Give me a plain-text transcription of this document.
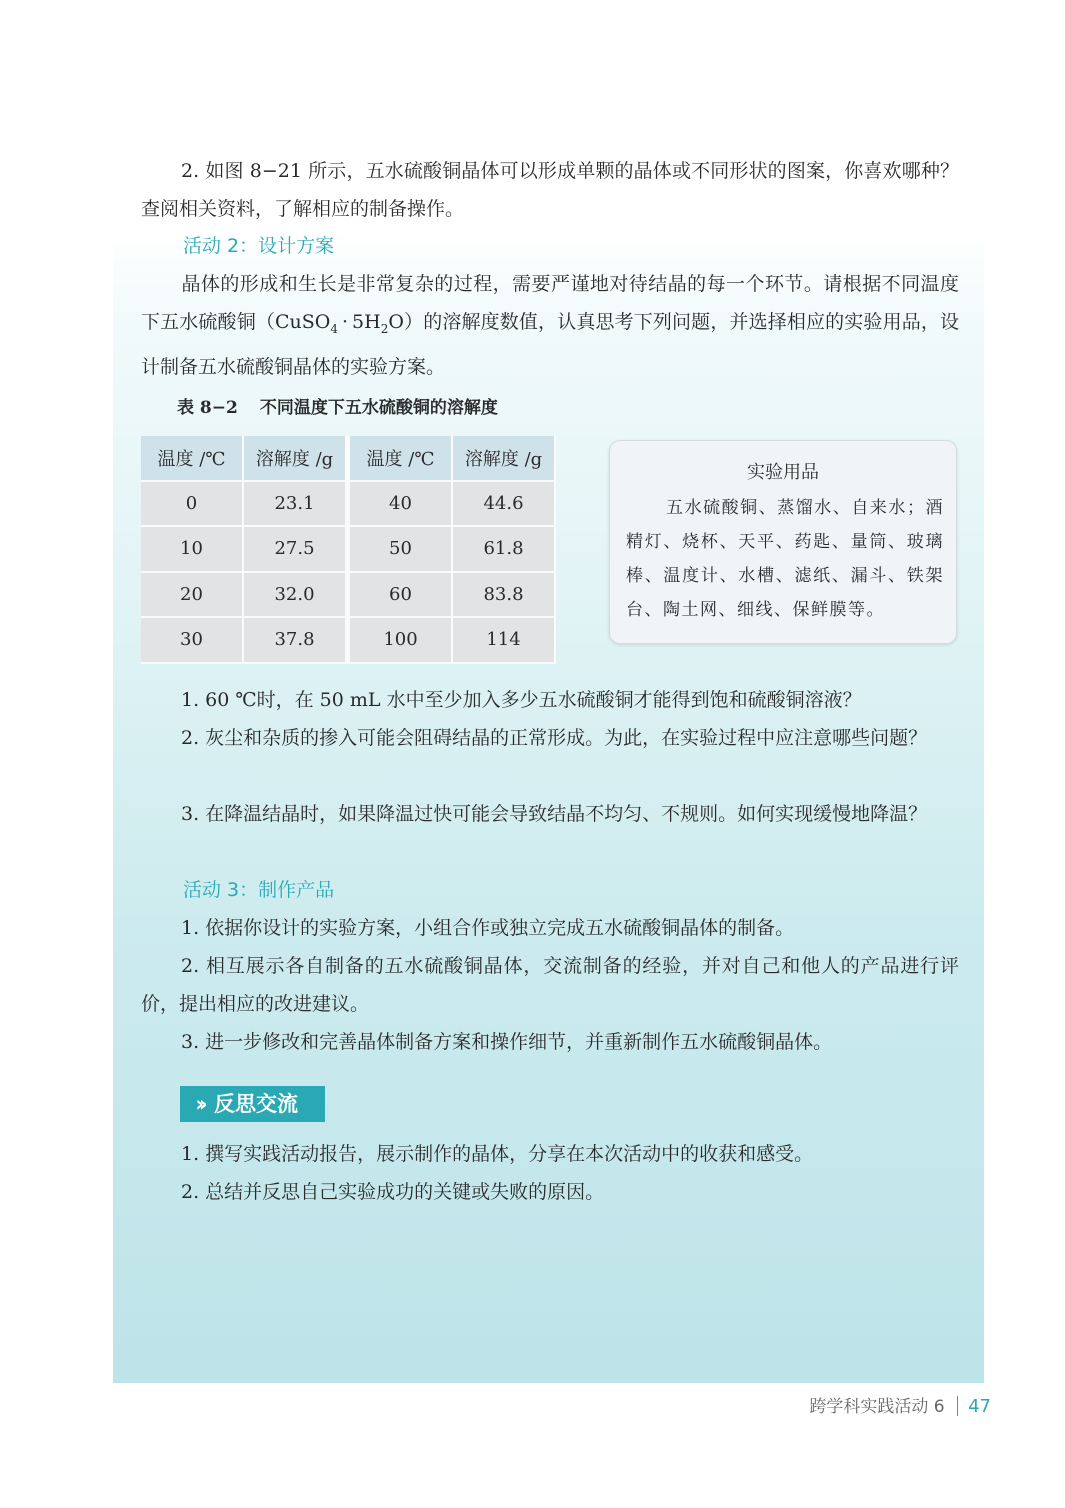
2. 如图 8−21 所示，五水硫酸铜晶体可以形成单颗的晶体或不同形状的图案，你喜欢哪种？查阅相关资料，了解相应的制备操作。

活动 2：设计方案

晶体的形成和生长是非常复杂的过程，需要严谨地对待结晶的每一个环节。请根据不同温度下五水硫酸铜（CuSO$_4$ · $5H_2O$）的溶解度数值，认真思考下列问题，并选择相应的实验用品，设计制备五水硫酸铜晶体的实验方案。

表 8−2 不同温度下五水硫酸铜的溶解度
温度 /℃	溶解度 /g	温度 /℃	溶解度 /g
0	23.1	40	44.6
10	27.5	50	61.8
20	32.0	60	83.8
30	37.8	100	114
实验用品
五水硫酸铜、蒸馏水、自来水；酒精灯、烧杯、天平、药匙、量筒、玻璃棒、温度计、水槽、滤纸、漏斗、铁架台、陶土网、细线、保鲜膜等。

1. 60 ℃时，在 50 mL 水中至少加入多少五水硫酸铜才能得到饱和硫酸铜溶液？

2. 灰尘和杂质的掺入可能会阻碍结晶的正常形成。为此，在实验过程中应注意哪些问题？

3. 在降温结晶时，如果降温过快可能会导致结晶不均匀、不规则。如何实现缓慢地降温？

活动 3：制作产品

1. 依据你设计的实验方案，小组合作或独立完成五水硫酸铜晶体的制备。

2. 相互展示各自制备的五水硫酸铜晶体，交流制备的经验，并对自己和他人的产品进行评价，提出相应的改进建议。

3. 进一步修改和完善晶体制备方案和操作细节，并重新制作五水硫酸铜晶体。

›› 反思交流

1. 撰写实践活动报告，展示制作的晶体，分享在本次活动中的收获和感受。

2. 总结并反思自己实验成功的关键或失败的原因。

跨学科实践活动 6 47
